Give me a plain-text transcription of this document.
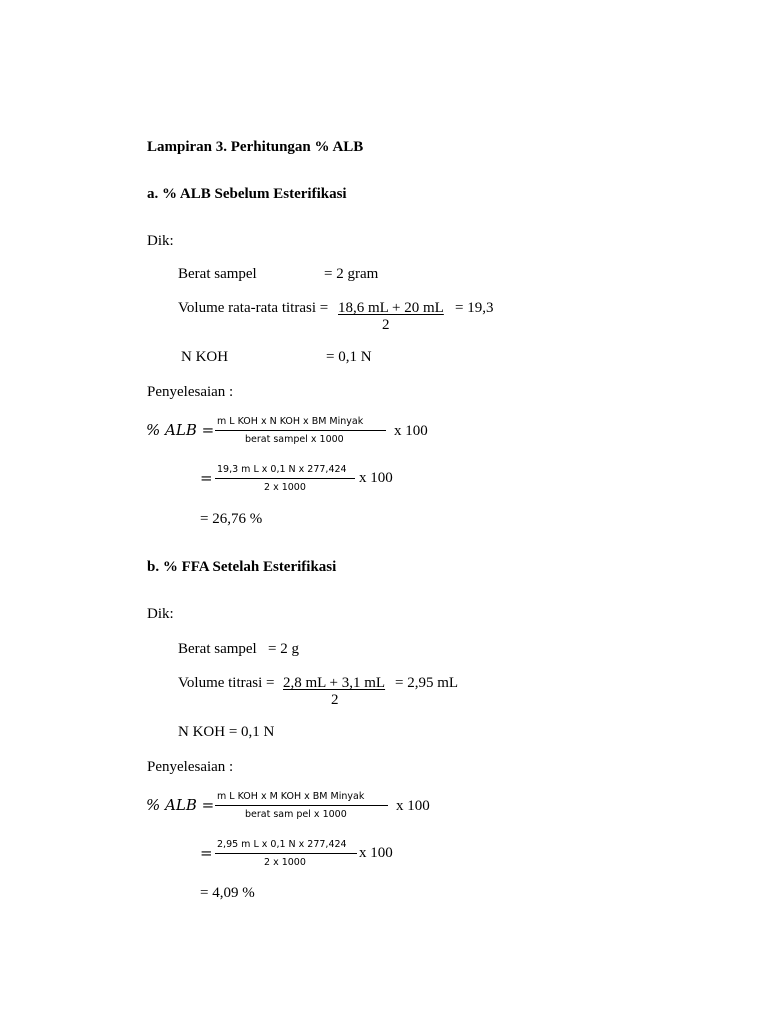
Lampiran 3. Perhitungan % ALB
a. % ALB Sebelum Esterifikasi
Dik:
Berat sampel	= 2 gram
Volume rata-rata titrasi = 18,6 mL + 20 mL = 19,3
2
N KOH	= 0,1 N
Penyelesaian :
% ALB = m L KOH x N KOH x BM Minyak
berat sampel x 1000
x 100
= 19,3 m L x 0,1 N x 277,424
2 x 1000
x 100
= 26,76 %
b. % FFA Setelah Esterifikasi
Dik:
Berat sampel = 2 g
Volume titrasi = 2,8 mL + 3,1 mL = 2,95 mL
2
N KOH = 0,1 N
Penyelesaian :
% ALB = m L KOH x M KOH x BM Minyak
berat sam pel x 1000
x 100
= 2,95 m L x 0,1 N x 277,424
2 x 1000
x 100
= 4,09 %
